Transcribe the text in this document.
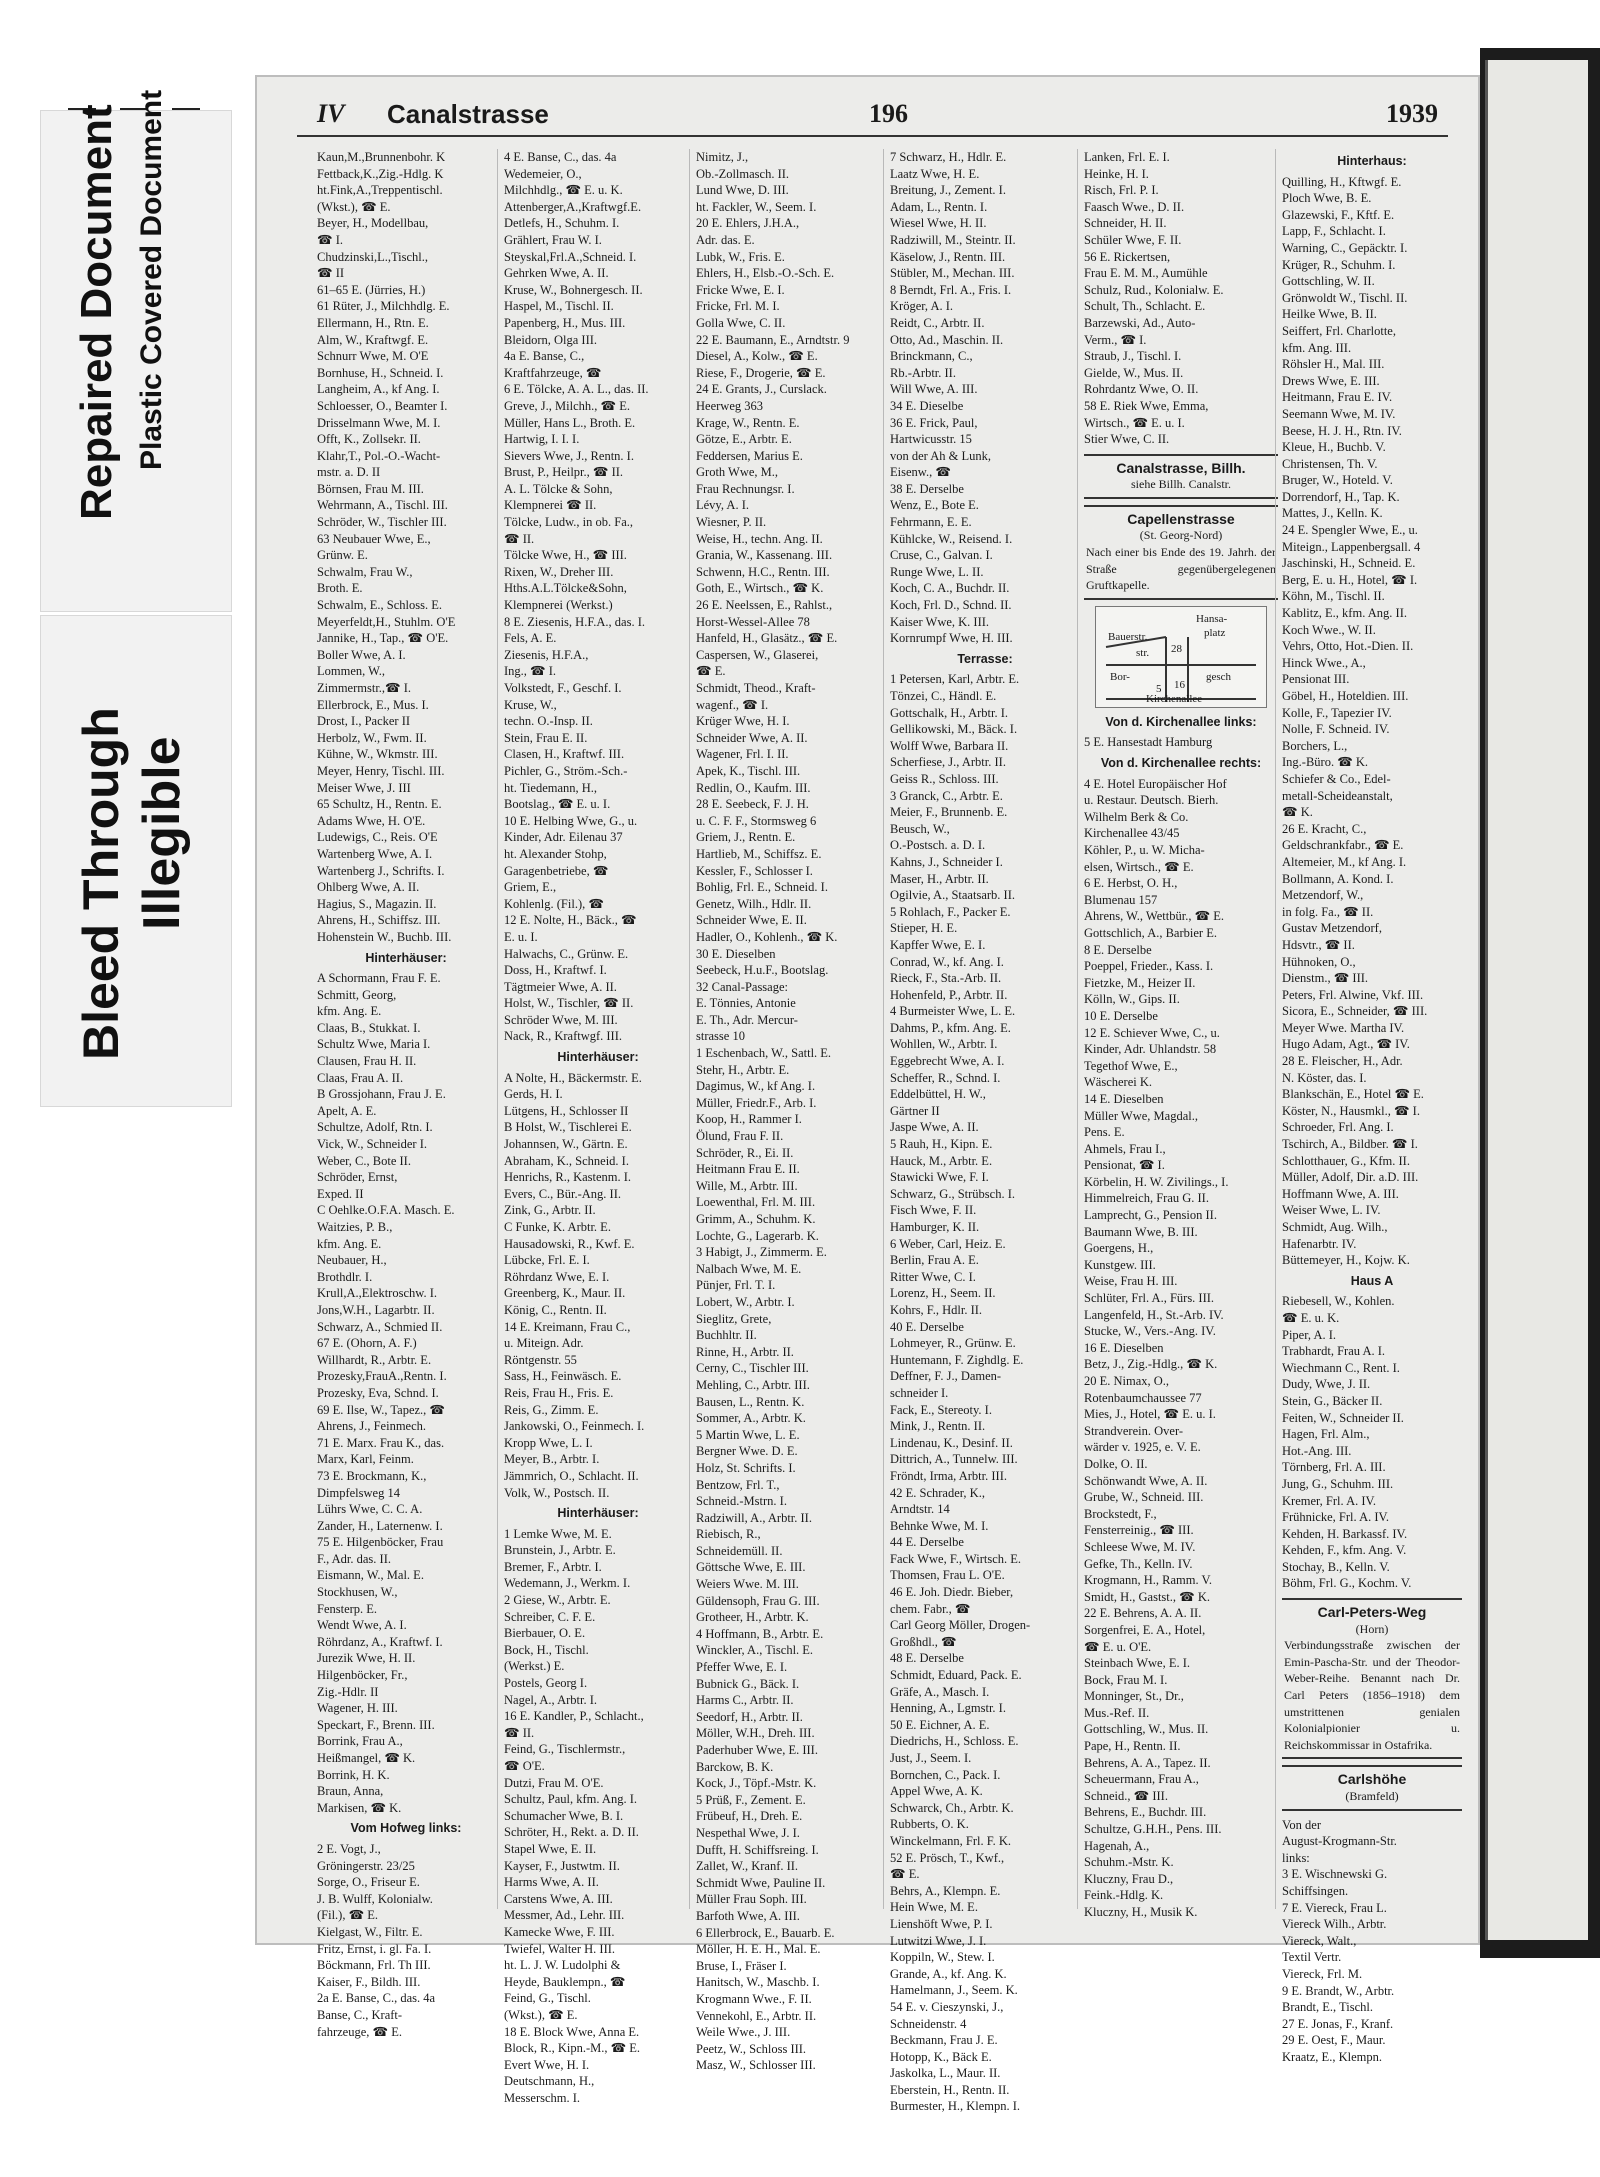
Repaired Document Plastic Covered Document
Bleed Through Illegible
IV Canalstrasse	196	1939
Kaun,M.,Brunnenbohr. K
Fettback,K.,Zig.-Hdlg. K
ht.Fink,A.,Treppentischl.
(Wkst.), ☎ E.
Beyer, H., Modellbau,
☎ I.
Chudzinski,L.,Tischl.,
☎ II
61–65 E. (Jürries, H.)
61 Rüter, J., Milchhdlg. E.
Ellermann, H., Rtn. E.
Alm, W., Kraftwgf. E.
Schnurr Wwe, M. O'E
Bornhuse, H., Schneid. I.
Langheim, A., kf Ang. I.
Schloesser, O., Beamter I.
Drisselmann Wwe, M. I.
Offt, K., Zollsekr. II.
Klahr,T., Pol.-O.-Wacht-
mstr. a. D. II
Börnsen, Frau M. III.
Wehrmann, A., Tischl. III.
Schröder, W., Tischler III.
63 Neubauer Wwe, E.,
Grünw. E.
Schwalm, Frau W.,
Broth. E.
Schwalm, E., Schloss. E.
Meyerfeldt,H., Stuhlm. O'E
Jannike, H., Tap., ☎ O'E.
Boller Wwe, A. I.
Lommen, W.,
Zimmermstr.,☎ I.
Ellerbrock, E., Mus. I.
Drost, I., Packer II
Herbolz, W., Fwm. II.
Kühne, W., Wkmstr. III.
Meyer, Henry, Tischl. III.
Meiser Wwe, J. III
65 Schultz, H., Rentn. E.
Adams Wwe, H. O'E.
Ludewigs, C., Reis. O'E
Wartenberg Wwe, A. I.
Wartenberg J., Schrifts. I.
Ohlberg Wwe, A. II.
Hagius, S., Magazin. II.
Ahrens, H., Schiffsz. III.
Hohenstein W., Buchb. III.
Hinterhäuser:
A Schormann, Frau F. E.
Schmitt, Georg,
kfm. Ang. E.
Claas, B., Stukkat. I.
Schultz Wwe, Maria I.
Clausen, Frau H. II.
Claas, Frau A. II.
B Grossjohann, Frau J. E.
Apelt, A. E.
Schultze, Adolf, Rtn. I.
Vick, W., Schneider I.
Weber, C., Bote II.
Schröder, Ernst,
Exped. II
C Oehlke.O.F.A. Masch. E.
Waitzies, P. B.,
kfm. Ang. E.
Neubauer, H.,
Brothdlr. I.
Krull,A.,Elektroschw. I.
Jons,W.H., Lagarbtr. II.
Schwarz, A., Schmied II.
67 E. (Ohorn, A. F.)
Willhardt, R., Arbtr. E.
Prozesky,FrauA.,Rentn. I.
Prozesky, Eva, Schnd. I.
69 E. Ilse, W., Tapez., ☎
Ahrens, J., Feinmech.
71 E. Marx. Frau K., das.
Marx, Karl, Feinm.
73 E. Brockmann, K.,
Dimpfelsweg 14
Lührs Wwe, C. C. A.
Zander, H., Laternenw. I.
75 E. Hilgenböcker, Frau
F., Adr. das. II.
Eismann, W., Mal. E.
Stockhusen, W.,
Fensterp. E.
Wendt Wwe, A. I.
Röhrdanz, A., Kraftwf. I.
Jurezik Wwe, H. II.
Hilgenböcker, Fr.,
Zig.-Hdlr. II
Wagener, H. III.
Speckart, F., Brenn. III.
Borrink, Frau A.,
Heißmangel, ☎ K.
Borrink, H. K.
Braun, Anna,
Markisen, ☎ K.
Vom Hofweg links:
2 E. Vogt, J.,
Gröningerstr. 23/25
Sorge, O., Friseur E.
J. B. Wulff, Kolonialw.
(Fil.), ☎ E.
Kielgast, W., Filtr. E.
Fritz, Ernst, i. gl. Fa. I.
Böckmann, Frl. Th III.
Kaiser, F., Bildh. III.
2a E. Banse, C., das. 4a
Banse, C., Kraft-
fahrzeuge, ☎ E.
4 E. Banse, C., das. 4a
Wedemeier, O.,
Milchhdlg., ☎ E. u. K.
Attenberger,A.,Kraftwgf.E.
Detlefs, H., Schuhm. I.
Grählert, Frau W. I.
Steyskal,Frl.A.,Schneid. I.
Gehrken Wwe, A. II.
Kruse, W., Bohnergesch. II.
Haspel, M., Tischl. II.
Papenberg, H., Mus. III.
Bleidorn, Olga III.
4a E. Banse, C.,
Kraftfahrzeuge, ☎
6 E. Tölcke, A. A. L., das. II.
Greve, J., Milchh., ☎ E.
Müller, Hans L., Broth. E.
Hartwig, I. I. I.
Sievers Wwe, J., Rentn. I.
Brust, P., Heilpr., ☎ II.
A. L. Tölcke & Sohn,
Klempnerei ☎ II.
Tölcke, Ludw., in ob. Fa.,
☎ II.
Tölcke Wwe, H., ☎ III.
Rixen, W., Dreher III.
Hths.A.L.Tölcke&Sohn,
Klempnerei (Werkst.)
8 E. Ziesenis, H.F.A., das. I.
Fels, A. E.
Ziesenis, H.F.A.,
Ing., ☎ I.
Volkstedt, F., Geschf. I.
Kruse, W.,
techn. O.-Insp. II.
Stein, Frau E. II.
Clasen, H., Kraftwf. III.
Pichler, G., Ström.-Sch.-
ht. Tiedemann, H.,
Bootslag., ☎ E. u. I.
10 E. Helbing Wwe, G., u.
Kinder, Adr. Eilenau 37
ht. Alexander Stohp,
Garagenbetriebe, ☎
Griem, E.,
Kohlenlg. (Fil.), ☎
12 E. Nolte, H., Bäck., ☎
E. u. I.
Halwachs, C., Grünw. E.
Doss, H., Kraftwf. I.
Tägtmeier Wwe, A. II.
Holst, W., Tischler, ☎ II.
Schröder Wwe, M. III.
Nack, R., Kraftwgf. III.
Hinterhäuser:
A Nolte, H., Bäckermstr. E.
Gerds, H. I.
Lütgens, H., Schlosser II
B Holst, W., Tischlerei E.
Johannsen, W., Gärtn. E.
Abraham, K., Schneid. I.
Henrichs, R., Kastenm. I.
Evers, C., Bür.-Ang. II.
Zink, G., Arbtr. II.
C Funke, K. Arbtr. E.
Hausadowski, R., Kwf. E.
Lübcke, Frl. E. I.
Röhrdanz Wwe, E. I.
Greenberg, K., Maur. II.
König, C., Rentn. II.
14 E. Kreimann, Frau C.,
u. Miteign. Adr.
Röntgenstr. 55
Sass, H., Feinwäsch. E.
Reis, Frau H., Fris. E.
Reis, G., Zimm. E.
Jankowski, O., Feinmech. I.
Kropp Wwe, L. I.
Meyer, B., Arbtr. I.
Jämmrich, O., Schlacht. II.
Volk, W., Postsch. II.
Hinterhäuser:
1 Lemke Wwe, M. E.
Brunstein, J., Arbtr. E.
Bremer, F., Arbtr. I.
Wedemann, J., Werkm. I.
2 Giese, W., Arbtr. E.
Schreiber, C. F. E.
Bierbauer, O. E.
Bock, H., Tischl.
(Werkst.) E.
Postels, Georg I.
Nagel, A., Arbtr. I.
16 E. Kandler, P., Schlacht.,
☎ II.
Feind, G., Tischlermstr.,
☎ O'E.
Dutzi, Frau M. O'E.
Schultz, Paul, kfm. Ang. I.
Schumacher Wwe, B. I.
Schröter, H., Rekt. a. D. II.
Stapel Wwe, E. II.
Kayser, F., Justwtm. II.
Harms Wwe, A. II.
Carstens Wwe, A. III.
Messmer, Ad., Lehr. III.
Kamecke Wwe, F. III.
Twiefel, Walter H. III.
ht. L. J. W. Ludolphi &
Heyde, Bauklempn., ☎
Feind, G., Tischl.
(Wkst.), ☎ E.
18 E. Block Wwe, Anna E.
Block, R., Kipn.-M., ☎ E.
Evert Wwe, H. I.
Deutschmann, H.,
Messerschm. I.
Nimitz, J.,
Ob.-Zollmasch. II.
Lund Wwe, D. III.
ht. Fackler, W., Seem. I.
20 E. Ehlers, J.H.A.,
Adr. das. E.
Lubk, W., Fris. E.
Ehlers, H., Elsb.-O.-Sch. E.
Fricke Wwe, E. I.
Fricke, Frl. M. I.
Golla Wwe, C. II.
22 E. Baumann, E., Arndtstr. 9
Diesel, A., Kolw., ☎ E.
Riese, F., Drogerie, ☎ E.
24 E. Grants, J., Curslack.
Heerweg 363
Krage, W., Rentn. E.
Götze, E., Arbtr. E.
Feddersen, Marius E.
Groth Wwe, M.,
Frau Rechnungsr. I.
Lévy, A. I.
Wiesner, P. II.
Weise, H., techn. Ang. II.
Grania, W., Kassenang. III.
Schwenn, H.C., Rentn. III.
Goth, E., Wirtsch., ☎ K.
26 E. Neelssen, E., Rahlst.,
Horst-Wessel-Allee 78
Hanfeld, H., Glasätz., ☎ E.
Caspersen, W., Glaserei,
☎ E.
Schmidt, Theod., Kraft-
wagenf., ☎ I.
Krüger Wwe, H. I.
Schneider Wwe, A. II.
Wagener, Frl. I. II.
Apek, K., Tischl. III.
Redlin, O., Kaufm. III.
28 E. Seebeck, F. J. H.
u. C. F. F., Stormsweg 6
Griem, J., Rentn. E.
Hartlieb, M., Schiffsz. E.
Kessler, F., Schlosser I.
Bohlig, Frl. E., Schneid. I.
Genetz, Wilh., Hdlr. II.
Schneider Wwe, E. II.
Hadler, O., Kohlenh., ☎ K.
30 E. Dieselben
Seebeck, H.u.F., Bootslag.
32 Canal-Passage:
E. Tönnies, Antonie
E. Th., Adr. Mercur-
strasse 10
1 Eschenbach, W., Sattl. E.
Stehr, H., Arbtr. E.
Dagimus, W., kf Ang. I.
Müller, Friedr.F., Arb. I.
Koop, H., Rammer I.
Ölund, Frau F. II.
Schröder, R., Ei. II.
Heitmann Frau E. II.
Wille, M., Arbtr. III.
Loewenthal, Frl. M. III.
Grimm, A., Schuhm. K.
Lochte, G., Lagerarb. K.
3 Habigt, J., Zimmerm. E.
Nalbach Wwe, M. E.
Pünjer, Frl. T. I.
Lobert, W., Arbtr. I.
Sieglitz, Grete,
Buchhltr. II.
Rinne, H., Arbtr. II.
Cerny, C., Tischler III.
Mehling, C., Arbtr. III.
Bausen, L., Rentn. K.
Sommer, A., Arbtr. K.
5 Martin Wwe, L. E.
Bergner Wwe. D. E.
Holz, St. Schrifts. I.
Bentzow, Frl. T.,
Schneid.-Mstrn. I.
Radziwill, A., Arbtr. II.
Riebisch, R.,
Schneidemüll. II.
Göttsche Wwe, E. III.
Weiers Wwe. M. III.
Güldensoph, Frau G. III.
Grotheer, H., Arbtr. K.
4 Hoffmann, B., Arbtr. E.
Winckler, A., Tischl. E.
Pfeffer Wwe, E. I.
Bubnick G., Bäck. I.
Harms C., Arbtr. II.
Seedorf, H., Arbtr. II.
Möller, W.H., Dreh. III.
Paderhuber Wwe, E. III.
Barckow, B. K.
Kock, J., Töpf.-Mstr. K.
5 Prüß, F., Zement. E.
Frübeuf, H., Dreh. E.
Nespethal Wwe, J. I.
Dufft, H. Schiffsreing. I.
Zallet, W., Kranf. II.
Schmidt Wwe, Pauline II.
Müller Frau Soph. III.
Barfoth Wwe, A. III.
6 Ellerbrock, E., Bauarb. E.
Möller, H. E. H., Mal. E.
Bruse, I., Fräser I.
Hanitsch, W., Maschb. I.
Krogmann Wwe., F. II.
Vennekohl, E., Arbtr. II.
Weile Wwe., J. III.
Peetz, W., Schloss III.
Masz, W., Schlosser III.
7 Schwarz, H., Hdlr. E.
Laatz Wwe, H. E.
Breitung, J., Zement. I.
Adam, L., Rentn. I.
Wiesel Wwe, H. II.
Radziwill, M., Steintr. II.
Käselow, J., Rentn. III.
Stübler, M., Mechan. III.
8 Berndt, Frl. A., Fris. I.
Kröger, A. I.
Reidt, C., Arbtr. II.
Otto, Ad., Maschin. II.
Brinckmann, C.,
Rb.-Arbtr. II.
Will Wwe, A. III.
34 E. Dieselbe
36 E. Frick, Paul,
Hartwicusstr. 15
von der Ah & Lunk,
Eisenw., ☎
38 E. Derselbe
Wenz, E., Bote E.
Fehrmann, E. E.
Kühlcke, W., Reisend. I.
Cruse, C., Galvan. I.
Runge Wwe, L. II.
Koch, C. A., Buchdr. II.
Koch, Frl. D., Schnd. II.
Kaiser Wwe, K. III.
Kornrumpf Wwe, H. III.
Terrasse:
1 Petersen, Karl, Arbtr. E.
Tönzei, C., Händl. E.
Gottschalk, H., Arbtr. I.
Gellikowski, M., Bäck. I.
Wolff Wwe, Barbara II.
Scherfiese, J., Arbtr. II.
Geiss R., Schloss. III.
3 Granck, C., Arbtr. E.
Meier, F., Brunnenb. E.
Beusch, W.,
O.-Postsch. a. D. I.
Kahns, J., Schneider I.
Maser, H., Arbtr. II.
Ogilvie, A., Staatsarb. II.
5 Rohlach, F., Packer E.
Stieper, H. E.
Kapffer Wwe, E. I.
Conrad, W., kf. Ang. I.
Rieck, F., Sta.-Arb. II.
Hohenfeld, P., Arbtr. II.
4 Burmeister Wwe, L. E.
Dahms, P., kfm. Ang. E.
Wohllen, W., Arbtr. I.
Eggebrecht Wwe, A. I.
Scheffer, R., Schnd. I.
Eddelbüttel, H. W.,
Gärtner II
Jaspe Wwe, A. II.
5 Rauh, H., Kipn. E.
Hauck, M., Arbtr. E.
Stawicki Wwe, F. I.
Schwarz, G., Strübsch. I.
Fisch Wwe, F. II.
Hamburger, K. II.
6 Weber, Carl, Heiz. E.
Berlin, Frau A. E.
Ritter Wwe, C. I.
Lorenz, H., Seem. II.
Kohrs, F., Hdlr. II.
40 E. Derselbe
Lohmeyer, R., Grünw. E.
Huntemann, F. Zighdlg. E.
Deffner, F. J., Damen-
schneider I.
Fack, E., Stereoty. I.
Mink, J., Rentn. II.
Lindenau, K., Desinf. II.
Dittrich, A., Tunnelw. III.
Fröndt, Irma, Arbtr. III.
42 E. Schrader, K.,
Arndtstr. 14
Behnke Wwe, M. I.
44 E. Derselbe
Fack Wwe, F., Wirtsch. E.
Thomsen, Frau L. O'E.
46 E. Joh. Diedr. Bieber,
chem. Fabr., ☎
Carl Georg Möller, Drogen-
Großhdl., ☎
48 E. Derselbe
Schmidt, Eduard, Pack. E.
Gräfe, A., Masch. I.
Henning, A., Lgmstr. I.
50 E. Eichner, A. E.
Diedrichs, H., Schloss. E.
Just, J., Seem. I.
Bornchen, C., Pack. I.
Appel Wwe, A. K.
Schwarck, Ch., Arbtr. K.
Rubberts, O. K.
Winckelmann, Frl. F. K.
52 E. Prösch, T., Kwf.,
☎ E.
Behrs, A., Klempn. E.
Hein Wwe, M. E.
Lienshöft Wwe, P. I.
Lutwitzi Wwe, J. I.
Koppiln, W., Stew. I.
Grande, A., kf. Ang. K.
Hamelmann, J., Seem. K.
54 E. v. Cieszynski, J.,
Schneidenstr. 4
Beckmann, Frau J. E.
Hotopp, K., Bäck E.
Jaskolka, L., Maur. II.
Eberstein, H., Rentn. II.
Burmester, H., Klempn. I.
Lanken, Frl. E. I.
Heinke, H. I.
Risch, Frl. P. I.
Faasch Wwe., D. II.
Schneider, H. II.
Schüler Wwe, F. II.
56 E. Rickertsen,
Frau E. M. M., Aumühle
Schulz, Rud., Kolonialw. E.
Schult, Th., Schlacht. E.
Barzewski, Ad., Auto-
Verm., ☎ I.
Straub, J., Tischl. I.
Gielde, W., Mus. II.
Rohrdantz Wwe, O. II.
58 E. Riek Wwe, Emma,
Wirtsch., ☎ E. u. I.
Stier Wwe, C. II.
Canalstrasse, Billh.
siehe Billh. Canalstr.
Capellenstrasse
(St. Georg-Nord)
Nach einer bis Ende des 19. Jahrh. der Straße gegenübergelegenen Gruftkapelle.
Hansa-
platz
Bauerstr.
str. 28
Bor-	gesch
5 16
Kirchenallee
Von d. Kirchenallee links:
5 E. Hansestadt Hamburg
Von d. Kirchenallee rechts:
4 E. Hotel Europäischer Hof
u. Restaur. Deutsch. Bierh.
Wilhelm Berk & Co.
Kirchenallee 43/45
Köhler, P., u. W. Micha-
elsen, Wirtsch., ☎ E.
6 E. Herbst, O. H.,
Blumenau 157
Ahrens, W., Wettbür., ☎ E.
Gottschlich, A., Barbier E.
8 E. Derselbe
Poeppel, Frieder., Kass. I.
Fietzke, M., Heizer II.
Kölln, W., Gips. II.
10 E. Derselbe
12 E. Schiever Wwe, C., u.
Kinder, Adr. Uhlandstr. 58
Tegethof Wwe, E.,
Wäscherei K.
14 E. Dieselben
Müller Wwe, Magdal.,
Pens. E.
Ahmels, Frau I.,
Pensionat, ☎ I.
Körbelin, H. W. Zivilings., I.
Himmelreich, Frau G. II.
Lamprecht, G., Pension II.
Baumann Wwe, B. III.
Goergens, H.,
Kunstgew. III.
Weise, Frau H. III.
Schlüter, Frl. A., Fürs. III.
Langenfeld, H., St.-Arb. IV.
Stucke, W., Vers.-Ang. IV.
16 E. Dieselben
Betz, J., Zig.-Hdlg., ☎ K.
20 E. Nimax, O.,
Rotenbaumchaussee 77
Mies, J., Hotel, ☎ E. u. I.
Strandverein. Over-
wärder v. 1925, e. V. E.
Dolke, O. II.
Schönwandt Wwe, A. II.
Grube, W., Schneid. III.
Brockstedt, F.,
Fensterreinig., ☎ III.
Schleese Wwe, M. IV.
Gefke, Th., Kelln. IV.
Krogmann, H., Ramm. V.
Smidt, H., Gastst., ☎ K.
22 E. Behrens, A. A. II.
Sorgenfrei, E. A., Hotel,
☎ E. u. O'E.
Steinbach Wwe, E. I.
Bock, Frau M. I.
Monninger, St., Dr.,
Mus.-Ref. II.
Gottschling, W., Mus. II.
Pape, H., Rentn. II.
Behrens, A. A., Tapez. II.
Scheuermann, Frau A.,
Schneid., ☎ III.
Behrens, E., Buchdr. III.
Schultze, G.H.H., Pens. III.
Hagenah, A.,
Schuhm.-Mstr. K.
Kluczny, Frau D.,
Feink.-Hdlg. K.
Kluczny, H., Musik K.
Hinterhaus:
Quilling, H., Kftwgf. E.
Ploch Wwe, B. E.
Glazewski, F., Kftf. E.
Lapp, F., Schlacht. I.
Warning, C., Gepäcktr. I.
Krüger, R., Schuhm. I.
Gottschling, W. II.
Grönwoldt W., Tischl. II.
Heilke Wwe, B. II.
Seiffert, Frl. Charlotte,
kfm. Ang. III.
Röhsler H., Mal. III.
Drews Wwe, E. III.
Heitmann, Frau E. IV.
Seemann Wwe, M. IV.
Beese, H. J. H., Rtn. IV.
Kleue, H., Buchb. V.
Christensen, Th. V.
Bruger, W., Hoteld. V.
Dorrendorf, H., Tap. K.
Mattes, J., Kelln. K.
24 E. Spengler Wwe, E., u.
Miteign., Lappenbergsall. 4
Jaschinski, H., Schneid. E.
Berg, E. u. H., Hotel, ☎ I.
Köhn, M., Tischl. II.
Kablitz, E., kfm. Ang. II.
Koch Wwe., W. II.
Vehrs, Otto, Hot.-Dien. II.
Hinck Wwe., A.,
Pensionat III.
Göbel, H., Hoteldien. III.
Kolle, F., Tapezier IV.
Nolle, F. Schneid. IV.
Borchers, L.,
Ing.-Büro. ☎ K.
Schiefer & Co., Edel-
metall-Scheideanstalt,
☎ K.
26 E. Kracht, C.,
Geldschrankfabr., ☎ E.
Altemeier, M., kf Ang. I.
Bollmann, A. Kond. I.
Metzendorf, W.,
in folg. Fa., ☎ II.
Gustav Metzendorf,
Hdsvtr., ☎ II.
Hühnoken, O.,
Dienstm., ☎ III.
Peters, Frl. Alwine, Vkf. III.
Sicora, E., Schneider, ☎ III.
Meyer Wwe. Martha IV.
Hugo Adam, Agt., ☎ IV.
28 E. Fleischer, H., Adr.
N. Köster, das. I.
Blankschän, E., Hotel ☎ E.
Köster, N., Hausmkl., ☎ I.
Schroeder, Frl. Ang. I.
Tschirch, A., Bildber. ☎ I.
Schlotthauer, G., Kfm. II.
Müller, Adolf, Dir. a.D. III.
Hoffmann Wwe, A. III.
Weiser Wwe, L. IV.
Schmidt, Aug. Wilh.,
Hafenarbtr. IV.
Büttemeyer, H., Kojw. K.
Haus A
Riebesell, W., Kohlen.
☎ E. u. K.
Piper, A. I.
Trabhardt, Frau A. I.
Wiechmann C., Rent. I.
Dudy, Wwe, J. II.
Stein, G., Bäcker II.
Feiten, W., Schneider II.
Hagen, Frl. Alm.,
Hot.-Ang. III.
Törnberg, Frl. A. III.
Jung, G., Schuhm. III.
Kremer, Frl. A. IV.
Frühnicke, Frl. A. IV.
Kehden, H. Barkassf. IV.
Kehden, F., kfm. Ang. V.
Stochay, B., Kelln. V.
Böhm, Frl. G., Kochm. V.
Carl-Peters-Weg
(Horn)
Verbindungsstraße zwischen der Emin-Pascha-Str. und der Theodor-Weber-Reihe. Benannt nach Dr. Carl Peters (1856–1918) dem umstrittenen genialen Kolonialpionier u. Reichskommissar in Ostafrika.
Carlshöhe
(Bramfeld)
Von der
August-Krogmann-Str.
links:
3 E. Wischnewski G.
Schiffsingen.
7 E. Viereck, Frau L.
Viereck Wilh., Arbtr.
Viereck, Walt.,
Textil Vertr.
Viereck, Frl. M.
9 E. Brandt, W., Arbtr.
Brandt, E., Tischl.
27 E. Jonas, F., Kranf.
29 E. Oest, F., Maur.
Kraatz, E., Klempn.
